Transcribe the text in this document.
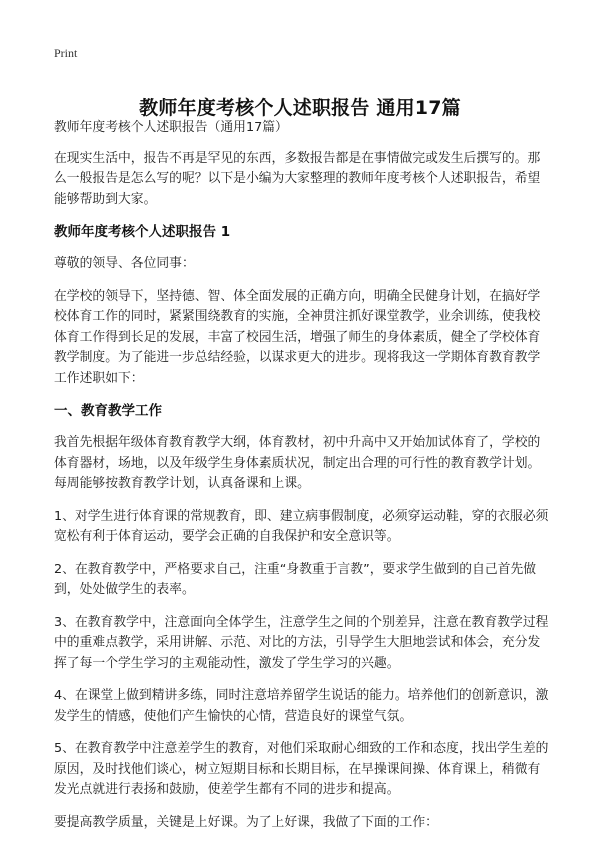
Print
教师年度考核个人述职报告 通用17篇

教师年度考核个人述职报告（通用17篇）

在现实生活中，报告不再是罕见的东西，多数报告都是在事情做完或发生后撰写的。那么一般报告是怎么写的呢？以下是小编为大家整理的教师年度考核个人述职报告，希望能够帮助到大家。

教师年度考核个人述职报告 1

尊敬的领导、各位同事：

在学校的领导下，坚持德、智、体全面发展的正确方向，明确全民健身计划，在搞好学校体育工作的同时，紧紧围绕教育的实施，全神贯注抓好课堂教学，业余训练，使我校体育工作得到长足的发展，丰富了校园生活，增强了师生的身体素质，健全了学校体育教学制度。为了能进一步总结经验，以谋求更大的进步。现将我这一学期体育教育教学工作述职如下：

一、教育教学工作

我首先根据年级体育教育教学大纲，体育教材，初中升高中又开始加试体育了，学校的体育器材，场地，以及年级学生身体素质状况，制定出合理的可行性的教育教学计划。每周能够按教育教学计划，认真备课和上课。

1、对学生进行体育课的常规教育，即、建立病事假制度，必须穿运动鞋，穿的衣服必须宽松有利于体育运动，要学会正确的自我保护和安全意识等。

2、在教育教学中，严格要求自己，注重“身教重于言教”，要求学生做到的自己首先做到，处处做学生的表率。

3、在教育教学中，注意面向全体学生，注意学生之间的个别差异，注意在教育教学过程中的重难点教学，采用讲解、示范、对比的方法，引导学生大胆地尝试和体会，充分发挥了每一个学生学习的主观能动性，激发了学生学习的兴趣。

4、在课堂上做到精讲多练，同时注意培养留学生说话的能力。培养他们的创新意识，激发学生的情感，使他们产生愉快的心情，营造良好的课堂气氛。

5、在教育教学中注意差学生的教育，对他们采取耐心细致的工作和态度，找出学生差的原因，及时找他们谈心，树立短期目标和长期目标，在早操课间操、体育课上，稍微有发光点就进行表扬和鼓励，使差学生都有不同的进步和提高。

要提高教学质量，关键是上好课。为了上好课，我做了下面的工作：
